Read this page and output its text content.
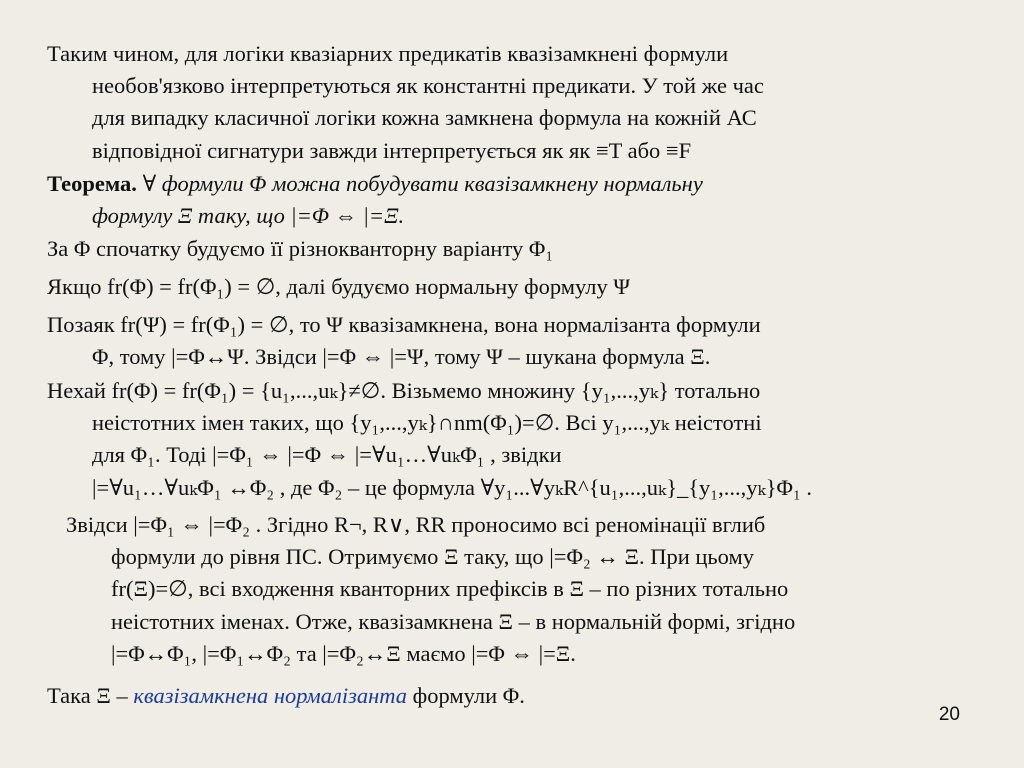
Таким чином, для логіки квазіарних предикатів квазізамкнені формули
необов'язково інтерпретуються як константні предикати. У той же час
для випадку класичної логіки кожна замкнена формула на кожній АС
відповідної сигнатури завжди інтерпретується як як ≡T або ≡F

Теорема. ∀ формули Φ можна побудувати квазізамкнену нормальну
формулу Ξ таку, що |=Φ ⇔ |=Ξ.

За Φ спочатку будуємо її різнокванторну варіанту Φ₁

Якщо fr(Φ) = fr(Φ₁) = ∅, далі будуємо нормальну формулу Ψ

Позаяк fr(Ψ) = fr(Φ₁) = ∅, то Ψ квазізамкнена, вона нормалізанта формули
Φ, тому |=Φ↔Ψ. Звідси |=Φ ⇔ |=Ψ, тому Ψ – шукана формула Ξ.

Нехай fr(Φ) = fr(Φ₁) = {u₁,...,uₖ}≠∅. Візьмемо множину {y₁,...,yₖ} тотально
неістотних імен таких, що {y₁,...,yₖ}∩nm(Φ₁)=∅. Всі y₁,...,yₖ неістотні
для Φ₁. Тоді |=Φ₁ ⇔ |=Φ ⇔ |=∀u₁…∀uₖΦ₁ , звідки
|=∀u₁…∀uₖΦ₁ ↔Φ₂ , де Φ₂ – це формула ∀y₁...∀yₖR^{u₁,...,uₖ}_{y₁,...,yₖ}Φ₁ .

Звідси |=Φ₁ ⇔ |=Φ₂ . Згідно R¬, R∨, RR проносимо всі реномінації вглиб
формули до рівня ПС. Отримуємо Ξ таку, що |=Φ₂ ↔ Ξ. При цьому
fr(Ξ)=∅, всі входження кванторних префіксів в Ξ – по різних тотально
неістотних іменах. Отже, квазізамкнена Ξ – в нормальній формі, згідно
|=Φ↔Φ₁, |=Φ₁↔Φ₂ та |=Φ₂↔Ξ маємо |=Φ ⇔ |=Ξ.

Така Ξ – квазізамкнена нормалізанта формули Φ.

20
